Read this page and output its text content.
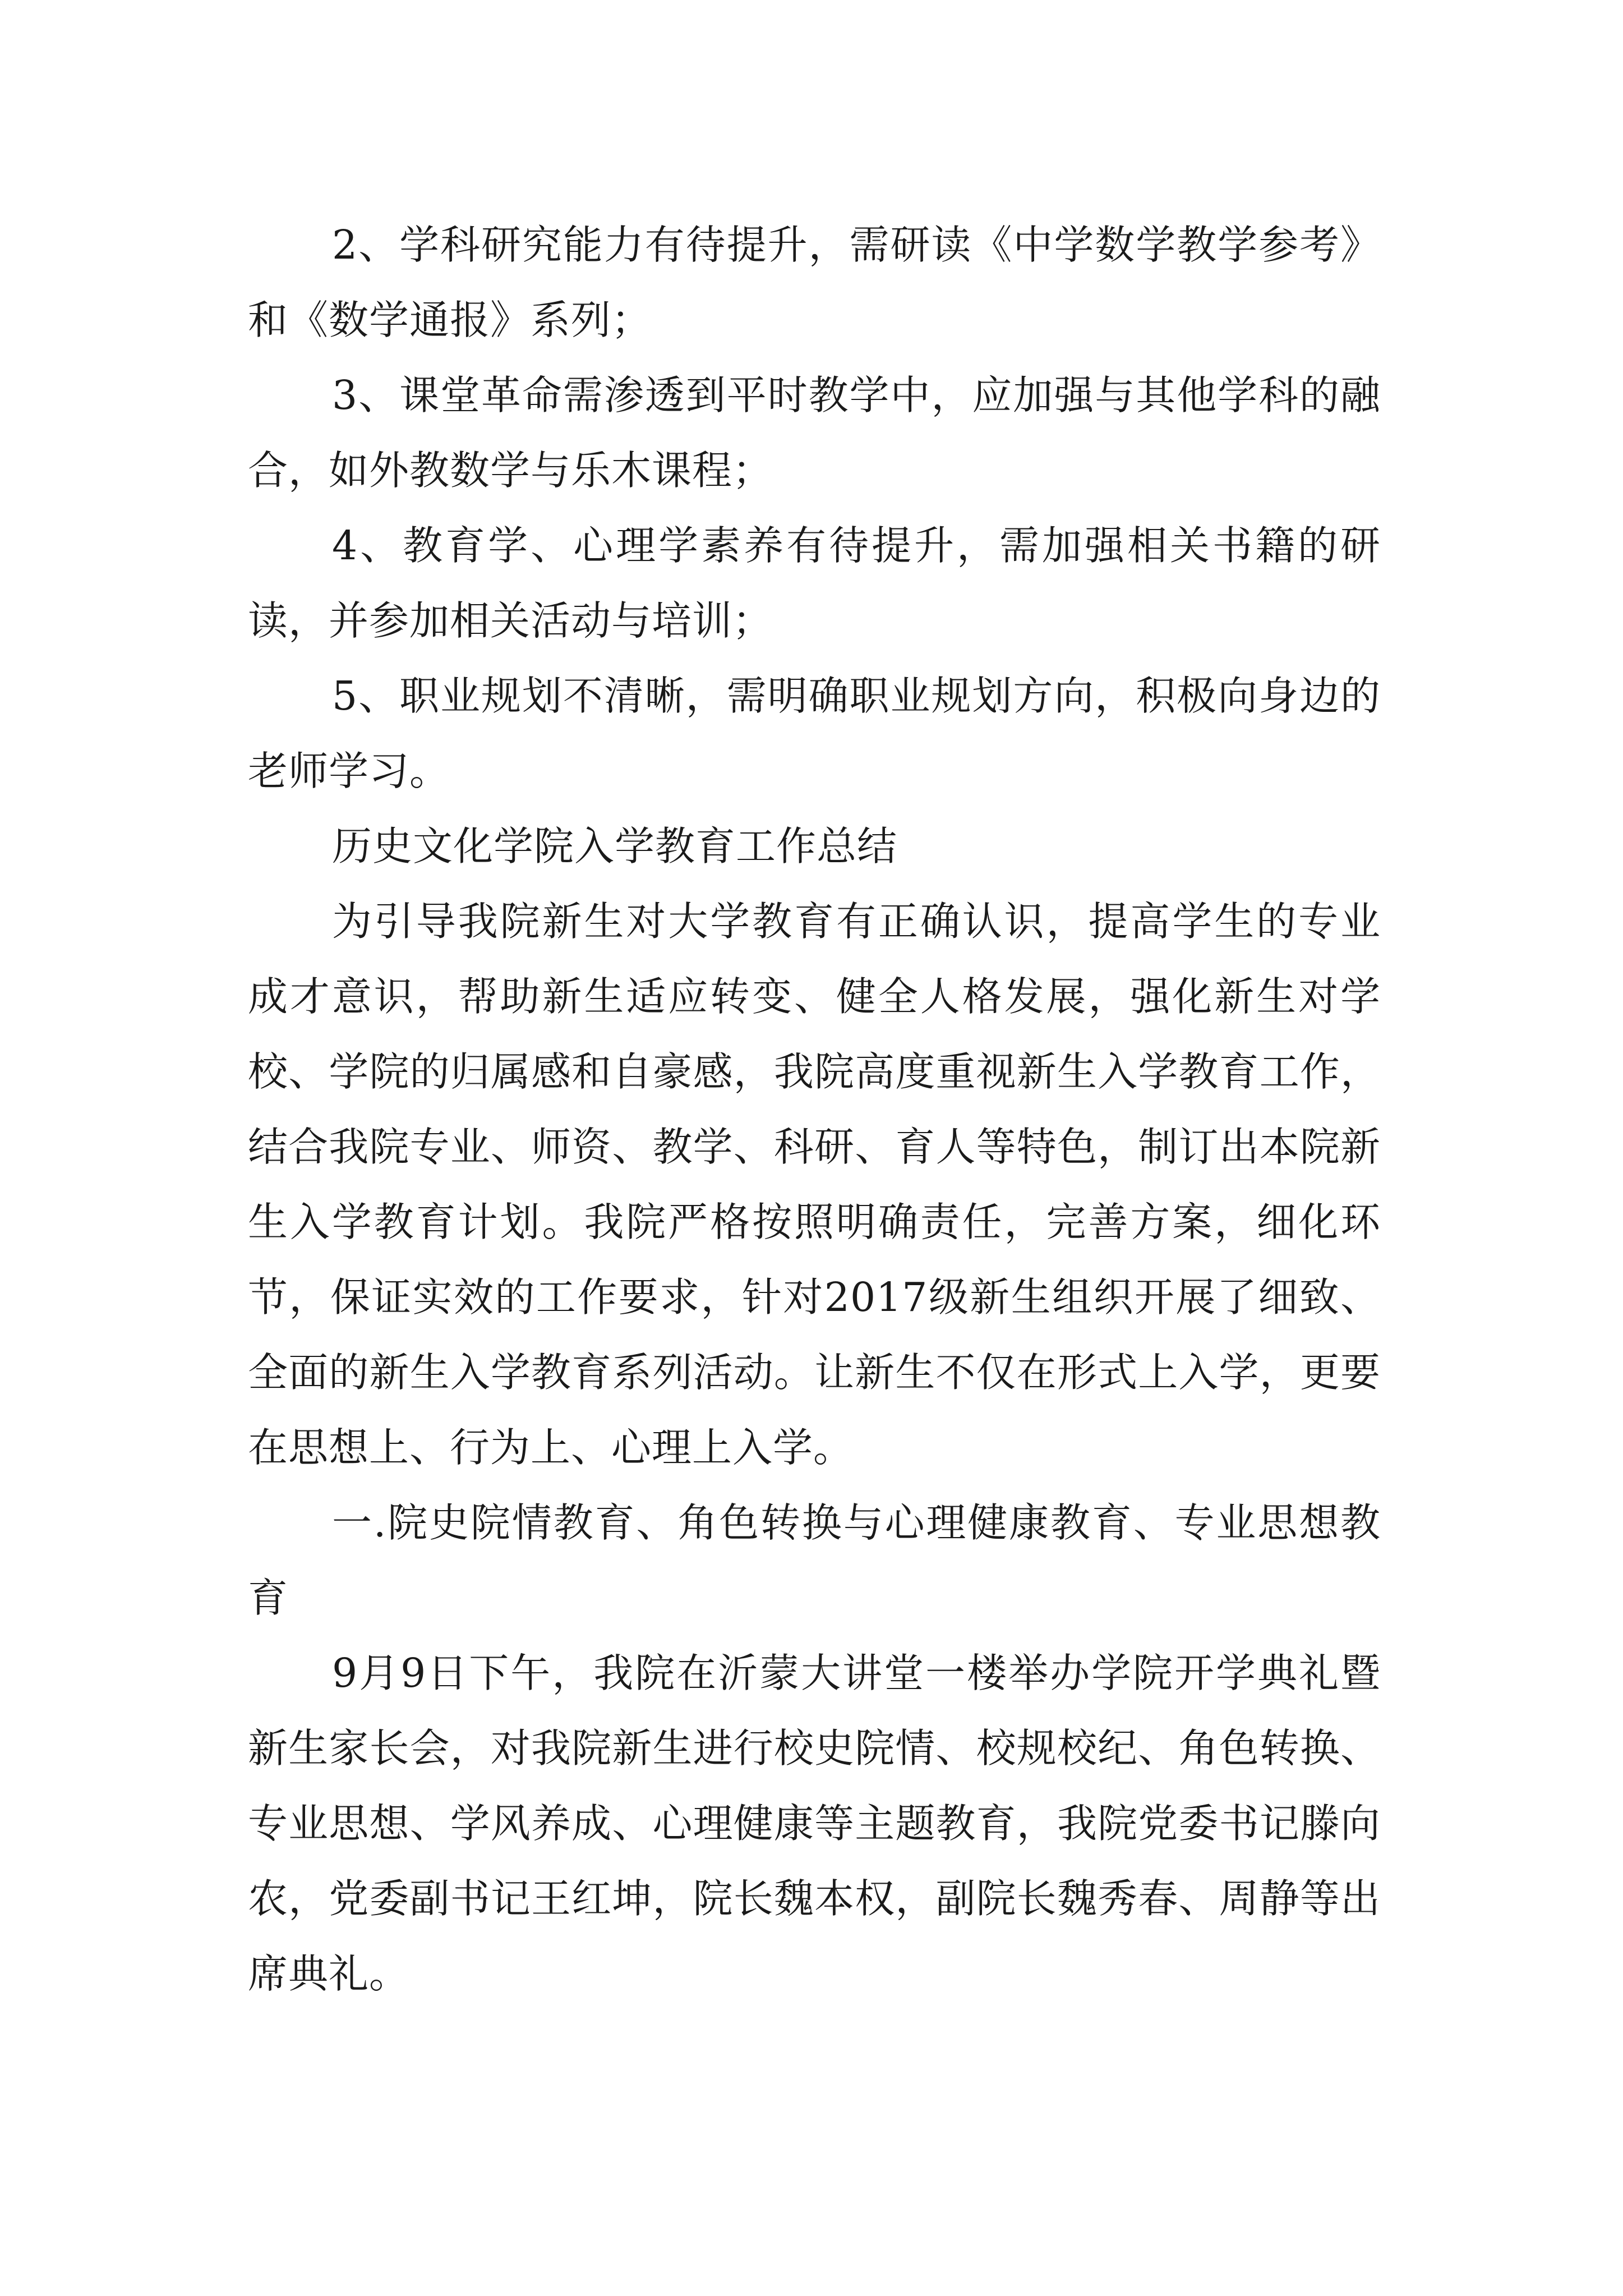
2、学科研究能力有待提升，需研读《中学数学教学参考》和《数学通报》系列；

3、课堂革命需渗透到平时教学中，应加强与其他学科的融合，如外教数学与乐木课程；

4、教育学、心理学素养有待提升，需加强相关书籍的研读，并参加相关活动与培训；

5、职业规划不清晰，需明确职业规划方向，积极向身边的老师学习。

历史文化学院入学教育工作总结

为引导我院新生对大学教育有正确认识，提高学生的专业成才意识，帮助新生适应转变、健全人格发展，强化新生对学校、学院的归属感和自豪感，我院高度重视新生入学教育工作，结合我院专业、师资、教学、科研、育人等特色，制订出本院新生入学教育计划。我院严格按照明确责任，完善方案，细化环节，保证实效的工作要求，针对2017级新生组织开展了细致、全面的新生入学教育系列活动。让新生不仅在形式上入学，更要在思想上、行为上、心理上入学。

一.院史院情教育、角色转换与心理健康教育、专业思想教育

9月9日下午，我院在沂蒙大讲堂一楼举办学院开学典礼暨新生家长会，对我院新生进行校史院情、校规校纪、角色转换、专业思想、学风养成、心理健康等主题教育，我院党委书记滕向农，党委副书记王红坤，院长魏本权，副院长魏秀春、周静等出席典礼。
